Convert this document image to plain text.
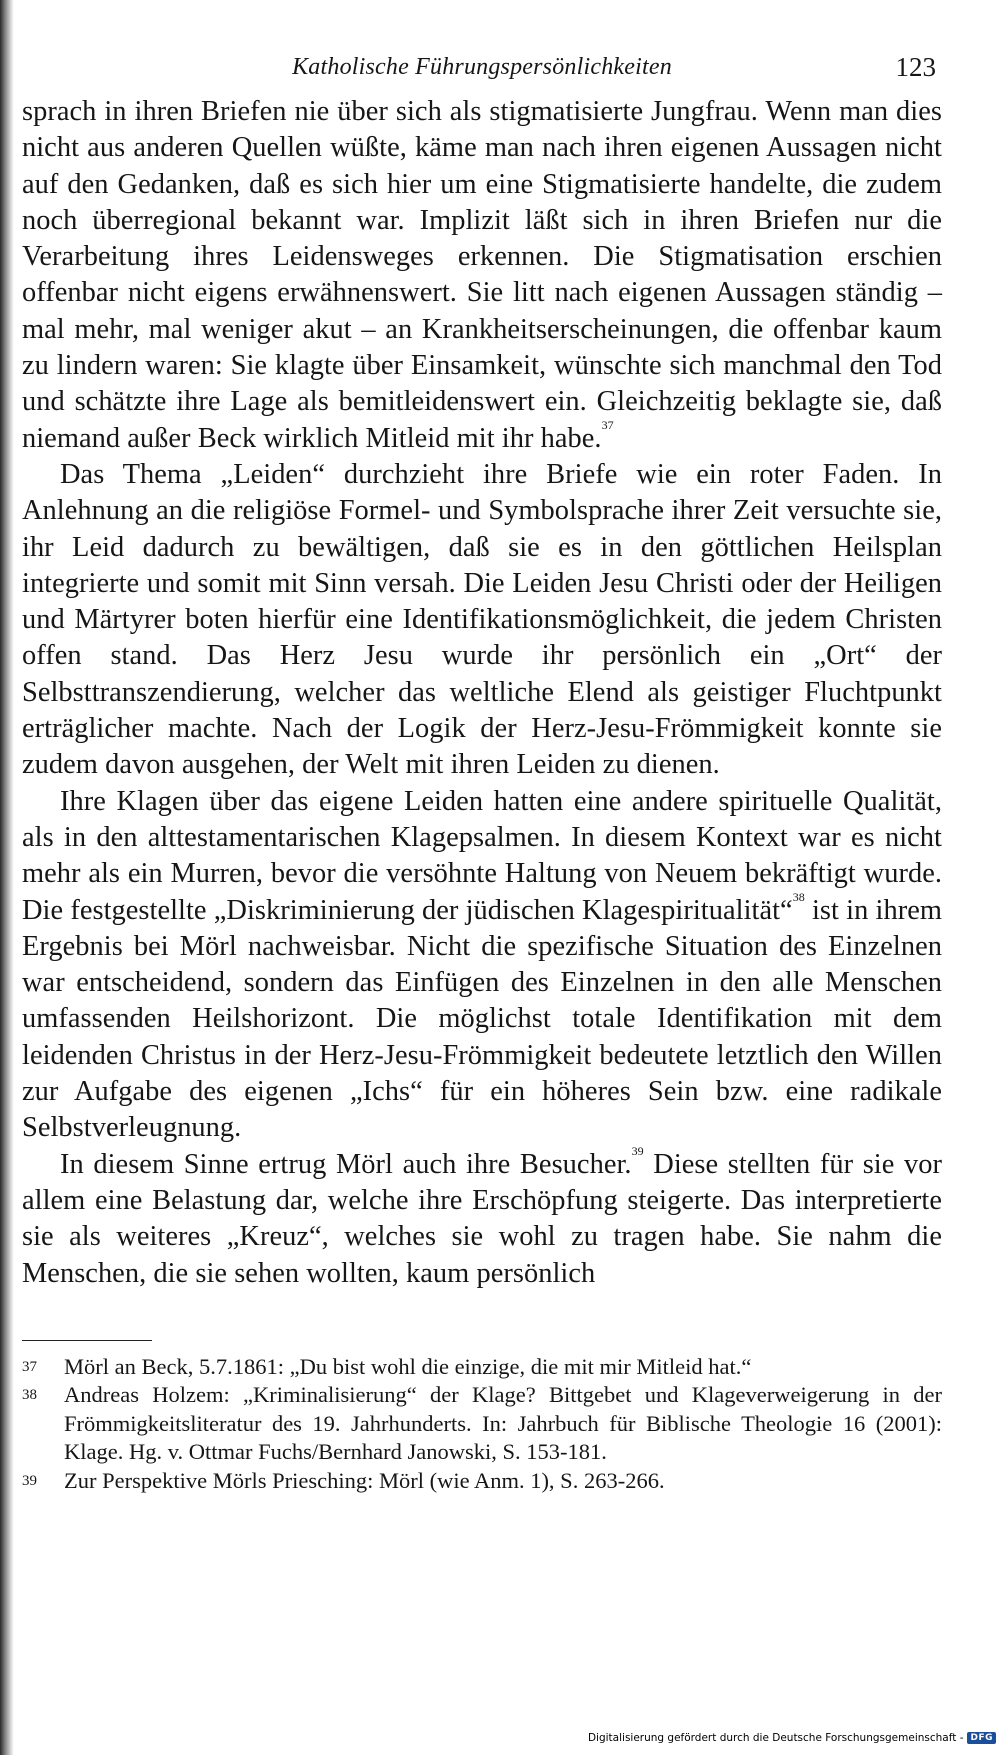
Katholische Führungspersönlichkeiten	123

sprach in ihren Briefen nie über sich als stigmatisierte Jungfrau. Wenn man dies nicht aus anderen Quellen wüßte, käme man nach ihren eigenen Aussagen nicht auf den Gedanken, daß es sich hier um eine Stigmatisierte handelte, die zudem noch überregional bekannt war. Implizit läßt sich in ihren Briefen nur die Verarbeitung ihres Leidensweges erkennen. Die Stigmatisation erschien offenbar nicht eigens erwähnenswert. Sie litt nach eigenen Aussagen ständig – mal mehr, mal weniger akut – an Krankheitserscheinungen, die offenbar kaum zu lindern waren: Sie klagte über Einsamkeit, wünschte sich manchmal den Tod und schätzte ihre Lage als bemitleidenswert ein. Gleichzeitig beklagte sie, daß niemand außer Beck wirklich Mitleid mit ihr habe.$^{37}$

Das Thema „Leiden“ durchzieht ihre Briefe wie ein roter Faden. In Anlehnung an die religiöse Formel- und Symbolsprache ihrer Zeit versuchte sie, ihr Leid dadurch zu bewältigen, daß sie es in den göttlichen Heilsplan integrierte und somit mit Sinn versah. Die Leiden Jesu Christi oder der Heiligen und Märtyrer boten hierfür eine Identifikationsmöglichkeit, die jedem Christen offen stand. Das Herz Jesu wurde ihr persönlich ein „Ort“ der Selbsttranszendierung, welcher das weltliche Elend als geistiger Fluchtpunkt erträglicher machte. Nach der Logik der Herz-Jesu-Frömmigkeit konnte sie zudem davon ausgehen, der Welt mit ihren Leiden zu dienen.

Ihre Klagen über das eigene Leiden hatten eine andere spirituelle Qualität, als in den alttestamentarischen Klagepsalmen. In diesem Kontext war es nicht mehr als ein Murren, bevor die versöhnte Haltung von Neuem bekräftigt wurde. Die festgestellte „Diskriminierung der jüdischen Klagespiritualität“$^{38}$ ist in ihrem Ergebnis bei Mörl nachweisbar. Nicht die spezifische Situation des Einzelnen war entscheidend, sondern das Einfügen des Einzelnen in den alle Menschen umfassenden Heilshorizont. Die möglichst totale Identifikation mit dem leidenden Christus in der Herz-Jesu-Frömmigkeit bedeutete letztlich den Willen zur Aufgabe des eigenen „Ichs“ für ein höheres Sein bzw. eine radikale Selbstverleugnung.

In diesem Sinne ertrug Mörl auch ihre Besucher.$^{39}$ Diese stellten für sie vor allem eine Belastung dar, welche ihre Erschöpfung steigerte. Das interpretierte sie als weiteres „Kreuz“, welches sie wohl zu tragen habe. Sie nahm die Menschen, die sie sehen wollten, kaum persönlich

37 Mörl an Beck, 5.7.1861: „Du bist wohl die einzige, die mit mir Mitleid hat.“
38 Andreas Holzem: „Kriminalisierung“ der Klage? Bittgebet und Klageverweigerung in der Frömmigkeitsliteratur des 19. Jahrhunderts. In: Jahrbuch für Biblische Theologie 16 (2001): Klage. Hg. v. Ottmar Fuchs/Bernhard Janowski, S. 153-181.
39 Zur Perspektive Mörls Priesching: Mörl (wie Anm. 1), S. 263-266.
Digitalisierung gefördert durch die Deutsche Forschungsgemeinschaft - DFG
